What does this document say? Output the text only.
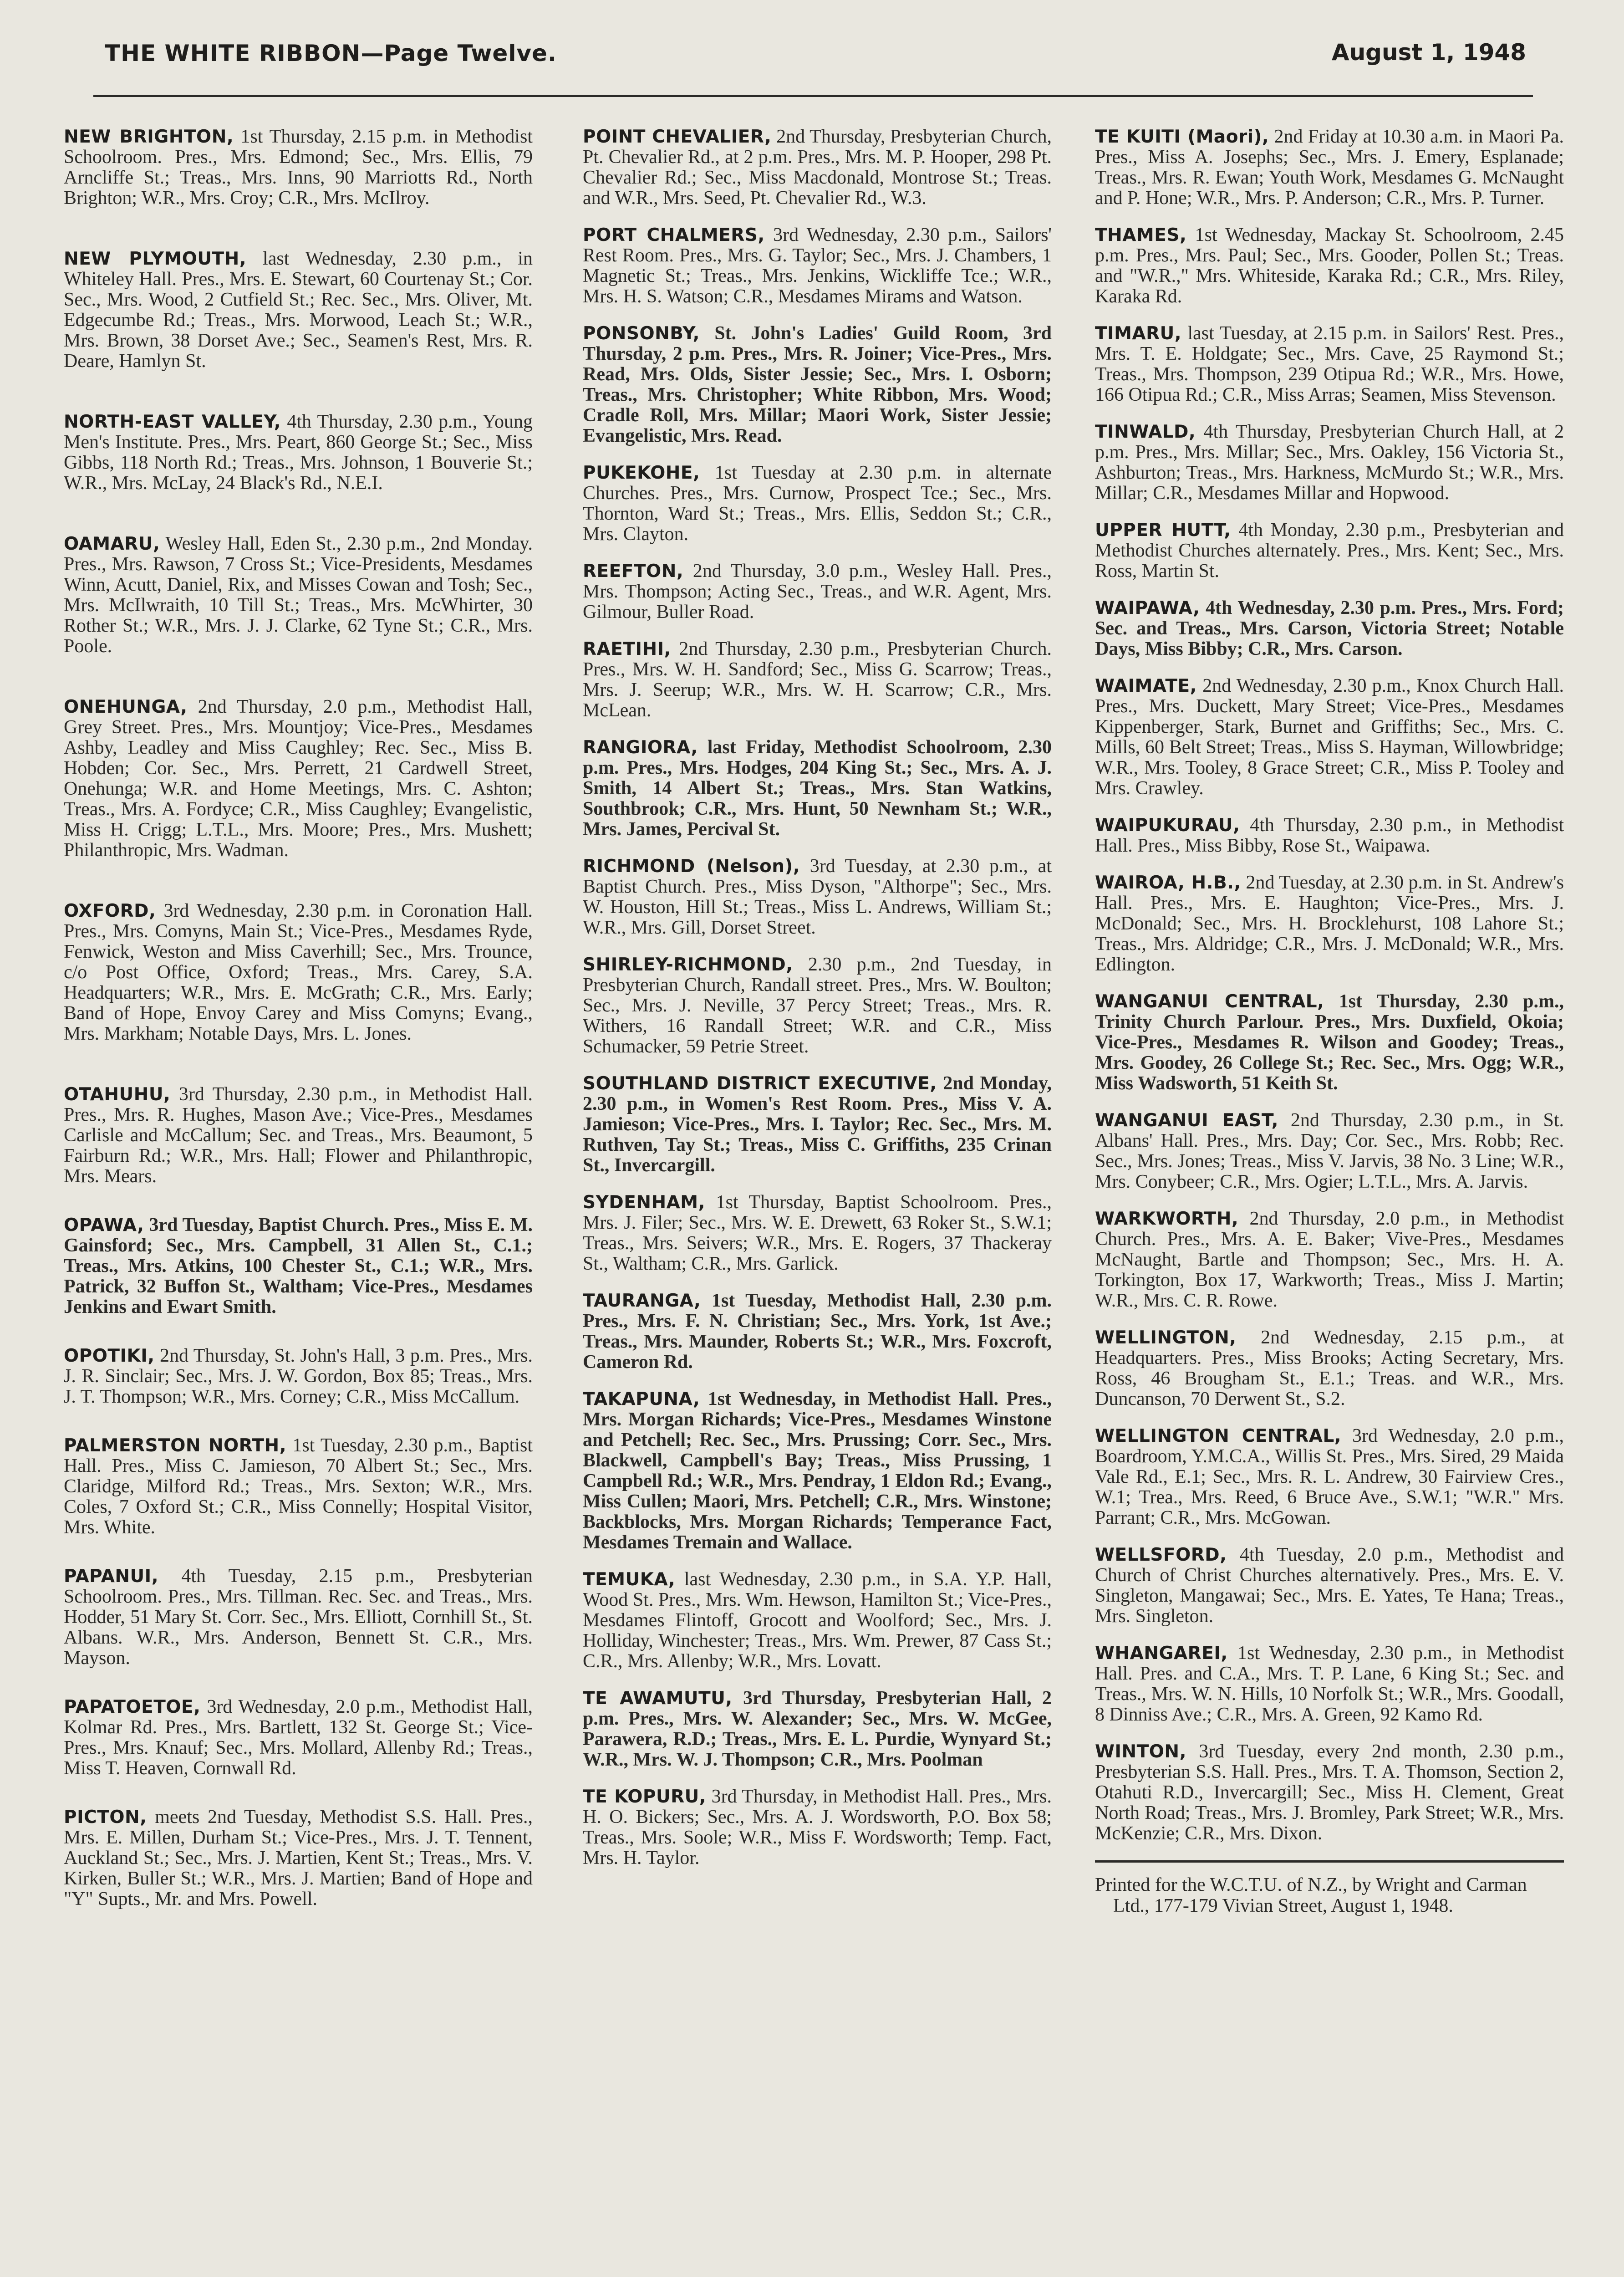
THE WHITE RIBBON—Page Twelve.	August 1, 1948

NEW BRIGHTON, 1st Thursday, 2.15 p.m. in Methodist Schoolroom. Pres., Mrs. Edmond; Sec., Mrs. Ellis, 79 Arncliffe St.; Treas., Mrs. Inns, 90 Marriotts Rd., North Brighton; W.R., Mrs. Croy; C.R., Mrs. McIlroy.

NEW PLYMOUTH, last Wednesday, 2.30 p.m., in Whiteley Hall. Pres., Mrs. E. Stewart, 60 Courtenay St.; Cor. Sec., Mrs. Wood, 2 Cutfield St.; Rec. Sec., Mrs. Oliver, Mt. Edgecumbe Rd.; Treas., Mrs. Morwood, Leach St.; W.R., Mrs. Brown, 38 Dorset Ave.; Sec., Seamen's Rest, Mrs. R. Deare, Hamlyn St.

NORTH-EAST VALLEY, 4th Thursday, 2.30 p.m., Young Men's Institute. Pres., Mrs. Peart, 860 George St.; Sec., Miss Gibbs, 118 North Rd.; Treas., Mrs. Johnson, 1 Bouverie St.; W.R., Mrs. McLay, 24 Black's Rd., N.E.I.

OAMARU, Wesley Hall, Eden St., 2.30 p.m., 2nd Monday. Pres., Mrs. Rawson, 7 Cross St.; Vice-Presidents, Mesdames Winn, Acutt, Daniel, Rix, and Misses Cowan and Tosh; Sec., Mrs. McIlwraith, 10 Till St.; Treas., Mrs. McWhirter, 30 Rother St.; W.R., Mrs. J. J. Clarke, 62 Tyne St.; C.R., Mrs. Poole.

ONEHUNGA, 2nd Thursday, 2.0 p.m., Methodist Hall, Grey Street. Pres., Mrs. Mountjoy; Vice-Pres., Mesdames Ashby, Leadley and Miss Caughley; Rec. Sec., Miss B. Hobden; Cor. Sec., Mrs. Perrett, 21 Cardwell Street, Onehunga; W.R. and Home Meetings, Mrs. C. Ashton; Treas., Mrs. A. Fordyce; C.R., Miss Caughley; Evangelistic, Miss H. Crigg; L.T.L., Mrs. Moore; Pres., Mrs. Mushett; Philanthropic, Mrs. Wadman.

OXFORD, 3rd Wednesday, 2.30 p.m. in Coronation Hall. Pres., Mrs. Comyns, Main St.; Vice-Pres., Mesdames Ryde, Fenwick, Weston and Miss Caverhill; Sec., Mrs. Trounce, c/o Post Office, Oxford; Treas., Mrs. Carey, S.A. Headquarters; W.R., Mrs. E. McGrath; C.R., Mrs. Early; Band of Hope, Envoy Carey and Miss Comyns; Evang., Mrs. Markham; Notable Days, Mrs. L. Jones.

OTAHUHU, 3rd Thursday, 2.30 p.m., in Methodist Hall. Pres., Mrs. R. Hughes, Mason Ave.; Vice-Pres., Mesdames Carlisle and McCallum; Sec. and Treas., Mrs. Beaumont, 5 Fairburn Rd.; W.R., Mrs. Hall; Flower and Philanthropic, Mrs. Mears.

OPAWA, 3rd Tuesday, Baptist Church. Pres., Miss E. M. Gainsford; Sec., Mrs. Campbell, 31 Allen St., C.1.; Treas., Mrs. Atkins, 100 Chester St., C.1.; W.R., Mrs. Patrick, 32 Buffon St., Waltham; Vice-Pres., Mesdames Jenkins and Ewart Smith.

OPOTIKI, 2nd Thursday, St. John's Hall, 3 p.m. Pres., Mrs. J. R. Sinclair; Sec., Mrs. J. W. Gordon, Box 85; Treas., Mrs. J. T. Thompson; W.R., Mrs. Corney; C.R., Miss McCallum.

PALMERSTON NORTH, 1st Tuesday, 2.30 p.m., Baptist Hall. Pres., Miss C. Jamieson, 70 Albert St.; Sec., Mrs. Claridge, Milford Rd.; Treas., Mrs. Sexton; W.R., Mrs. Coles, 7 Oxford St.; C.R., Miss Connelly; Hospital Visitor, Mrs. White.

PAPANUI, 4th Tuesday, 2.15 p.m., Presbyterian Schoolroom. Pres., Mrs. Tillman. Rec. Sec. and Treas., Mrs. Hodder, 51 Mary St. Corr. Sec., Mrs. Elliott, Cornhill St., St. Albans. W.R., Mrs. Anderson, Bennett St. C.R., Mrs. Mayson.

PAPATOETOE, 3rd Wednesday, 2.0 p.m., Methodist Hall, Kolmar Rd. Pres., Mrs. Bartlett, 132 St. George St.; Vice-Pres., Mrs. Knauf; Sec., Mrs. Mollard, Allenby Rd.; Treas., Miss T. Heaven, Cornwall Rd.

PICTON, meets 2nd Tuesday, Methodist S.S. Hall. Pres., Mrs. E. Millen, Durham St.; Vice-Pres., Mrs. J. T. Tennent, Auckland St.; Sec., Mrs. J. Martien, Kent St.; Treas., Mrs. V. Kirken, Buller St.; W.R., Mrs. J. Martien; Band of Hope and "Y" Supts., Mr. and Mrs. Powell.

POINT CHEVALIER, 2nd Thursday, Presbyterian Church, Pt. Chevalier Rd., at 2 p.m. Pres., Mrs. M. P. Hooper, 298 Pt. Chevalier Rd.; Sec., Miss Macdonald, Montrose St.; Treas. and W.R., Mrs. Seed, Pt. Chevalier Rd., W.3.

PORT CHALMERS, 3rd Wednesday, 2.30 p.m., Sailors' Rest Room. Pres., Mrs. G. Taylor; Sec., Mrs. J. Chambers, 1 Magnetic St.; Treas., Mrs. Jenkins, Wickliffe Tce.; W.R., Mrs. H. S. Watson; C.R., Mesdames Mirams and Watson.

PONSONBY, St. John's Ladies' Guild Room, 3rd Thursday, 2 p.m. Pres., Mrs. R. Joiner; Vice-Pres., Mrs. Read, Mrs. Olds, Sister Jessie; Sec., Mrs. I. Osborn; Treas., Mrs. Christopher; White Ribbon, Mrs. Wood; Cradle Roll, Mrs. Millar; Maori Work, Sister Jessie; Evangelistic, Mrs. Read.

PUKEKOHE, 1st Tuesday at 2.30 p.m. in alternate Churches. Pres., Mrs. Curnow, Prospect Tce.; Sec., Mrs. Thornton, Ward St.; Treas., Mrs. Ellis, Seddon St.; C.R., Mrs. Clayton.

REEFTON, 2nd Thursday, 3.0 p.m., Wesley Hall. Pres., Mrs. Thompson; Acting Sec., Treas., and W.R. Agent, Mrs. Gilmour, Buller Road.

RAETIHI, 2nd Thursday, 2.30 p.m., Presbyterian Church. Pres., Mrs. W. H. Sandford; Sec., Miss G. Scarrow; Treas., Mrs. J. Seerup; W.R., Mrs. W. H. Scarrow; C.R., Mrs. McLean.

RANGIORA, last Friday, Methodist Schoolroom, 2.30 p.m. Pres., Mrs. Hodges, 204 King St.; Sec., Mrs. A. J. Smith, 14 Albert St.; Treas., Mrs. Stan Watkins, Southbrook; C.R., Mrs. Hunt, 50 Newnham St.; W.R., Mrs. James, Percival St.

RICHMOND (Nelson), 3rd Tuesday, at 2.30 p.m., at Baptist Church. Pres., Miss Dyson, "Althorpe"; Sec., Mrs. W. Houston, Hill St.; Treas., Miss L. Andrews, William St.; W.R., Mrs. Gill, Dorset Street.

SHIRLEY-RICHMOND, 2.30 p.m., 2nd Tuesday, in Presbyterian Church, Randall street. Pres., Mrs. W. Boulton; Sec., Mrs. J. Neville, 37 Percy Street; Treas., Mrs. R. Withers, 16 Randall Street; W.R. and C.R., Miss Schumacker, 59 Petrie Street.

SOUTHLAND DISTRICT EXECUTIVE, 2nd Monday, 2.30 p.m., in Women's Rest Room. Pres., Miss V. A. Jamieson; Vice-Pres., Mrs. I. Taylor; Rec. Sec., Mrs. M. Ruthven, Tay St.; Treas., Miss C. Griffiths, 235 Crinan St., Invercargill.

SYDENHAM, 1st Thursday, Baptist Schoolroom. Pres., Mrs. J. Filer; Sec., Mrs. W. E. Drewett, 63 Roker St., S.W.1; Treas., Mrs. Seivers; W.R., Mrs. E. Rogers, 37 Thackeray St., Waltham; C.R., Mrs. Garlick.

TAURANGA, 1st Tuesday, Methodist Hall, 2.30 p.m. Pres., Mrs. F. N. Christian; Sec., Mrs. York, 1st Ave.; Treas., Mrs. Maunder, Roberts St.; W.R., Mrs. Foxcroft, Cameron Rd.

TAKAPUNA, 1st Wednesday, in Methodist Hall. Pres., Mrs. Morgan Richards; Vice-Pres., Mesdames Winstone and Petchell; Rec. Sec., Mrs. Prussing; Corr. Sec., Mrs. Blackwell, Campbell's Bay; Treas., Miss Prussing, 1 Campbell Rd.; W.R., Mrs. Pendray, 1 Eldon Rd.; Evang., Miss Cullen; Maori, Mrs. Petchell; C.R., Mrs. Winstone; Backblocks, Mrs. Morgan Richards; Temperance Fact, Mesdames Tremain and Wallace.

TEMUKA, last Wednesday, 2.30 p.m., in S.A. Y.P. Hall, Wood St. Pres., Mrs. Wm. Hewson, Hamilton St.; Vice-Pres., Mesdames Flintoff, Grocott and Woolford; Sec., Mrs. J. Holliday, Winchester; Treas., Mrs. Wm. Prewer, 87 Cass St.; C.R., Mrs. Allenby; W.R., Mrs. Lovatt.

TE AWAMUTU, 3rd Thursday, Presbyterian Hall, 2 p.m. Pres., Mrs. W. Alexander; Sec., Mrs. W. McGee, Parawera, R.D.; Treas., Mrs. E. L. Purdie, Wynyard St.; W.R., Mrs. W. J. Thompson; C.R., Mrs. Poolman

TE KOPURU, 3rd Thursday, in Methodist Hall. Pres., Mrs. H. O. Bickers; Sec., Mrs. A. J. Wordsworth, P.O. Box 58; Treas., Mrs. Soole; W.R., Miss F. Wordsworth; Temp. Fact, Mrs. H. Taylor.

TE KUITI (Maori), 2nd Friday at 10.30 a.m. in Maori Pa. Pres., Miss A. Josephs; Sec., Mrs. J. Emery, Esplanade; Treas., Mrs. R. Ewan; Youth Work, Mesdames G. McNaught and P. Hone; W.R., Mrs. P. Anderson; C.R., Mrs. P. Turner.

THAMES, 1st Wednesday, Mackay St. Schoolroom, 2.45 p.m. Pres., Mrs. Paul; Sec., Mrs. Gooder, Pollen St.; Treas. and "W.R.," Mrs. Whiteside, Karaka Rd.; C.R., Mrs. Riley, Karaka Rd.

TIMARU, last Tuesday, at 2.15 p.m. in Sailors' Rest. Pres., Mrs. T. E. Holdgate; Sec., Mrs. Cave, 25 Raymond St.; Treas., Mrs. Thompson, 239 Otipua Rd.; W.R., Mrs. Howe, 166 Otipua Rd.; C.R., Miss Arras; Seamen, Miss Stevenson.

TINWALD, 4th Thursday, Presbyterian Church Hall, at 2 p.m. Pres., Mrs. Millar; Sec., Mrs. Oakley, 156 Victoria St., Ashburton; Treas., Mrs. Harkness, McMurdo St.; W.R., Mrs. Millar; C.R., Mesdames Millar and Hopwood.

UPPER HUTT, 4th Monday, 2.30 p.m., Presbyterian and Methodist Churches alternately. Pres., Mrs. Kent; Sec., Mrs. Ross, Martin St.

WAIPAWA, 4th Wednesday, 2.30 p.m. Pres., Mrs. Ford; Sec. and Treas., Mrs. Carson, Victoria Street; Notable Days, Miss Bibby; C.R., Mrs. Carson.

WAIMATE, 2nd Wednesday, 2.30 p.m., Knox Church Hall. Pres., Mrs. Duckett, Mary Street; Vice-Pres., Mesdames Kippenberger, Stark, Burnet and Griffiths; Sec., Mrs. C. Mills, 60 Belt Street; Treas., Miss S. Hayman, Willowbridge; W.R., Mrs. Tooley, 8 Grace Street; C.R., Miss P. Tooley and Mrs. Crawley.

WAIPUKURAU, 4th Thursday, 2.30 p.m., in Methodist Hall. Pres., Miss Bibby, Rose St., Waipawa.

WAIROA, H.B., 2nd Tuesday, at 2.30 p.m. in St. Andrew's Hall. Pres., Mrs. E. Haughton; Vice-Pres., Mrs. J. McDonald; Sec., Mrs. H. Brocklehurst, 108 Lahore St.; Treas., Mrs. Aldridge; C.R., Mrs. J. McDonald; W.R., Mrs. Edlington.

WANGANUI CENTRAL, 1st Thursday, 2.30 p.m., Trinity Church Parlour. Pres., Mrs. Duxfield, Okoia; Vice-Pres., Mesdames R. Wilson and Goodey; Treas., Mrs. Goodey, 26 College St.; Rec. Sec., Mrs. Ogg; W.R., Miss Wadsworth, 51 Keith St.

WANGANUI EAST, 2nd Thursday, 2.30 p.m., in St. Albans' Hall. Pres., Mrs. Day; Cor. Sec., Mrs. Robb; Rec. Sec., Mrs. Jones; Treas., Miss V. Jarvis, 38 No. 3 Line; W.R., Mrs. Conybeer; C.R., Mrs. Ogier; L.T.L., Mrs. A. Jarvis.

WARKWORTH, 2nd Thursday, 2.0 p.m., in Methodist Church. Pres., Mrs. A. E. Baker; Vive-Pres., Mesdames McNaught, Bartle and Thompson; Sec., Mrs. H. A. Torkington, Box 17, Warkworth; Treas., Miss J. Martin; W.R., Mrs. C. R. Rowe.

WELLINGTON, 2nd Wednesday, 2.15 p.m., at Headquarters. Pres., Miss Brooks; Acting Secretary, Mrs. Ross, 46 Brougham St., E.1.; Treas. and W.R., Mrs. Duncanson, 70 Derwent St., S.2.

WELLINGTON CENTRAL, 3rd Wednesday, 2.0 p.m., Boardroom, Y.M.C.A., Willis St. Pres., Mrs. Sired, 29 Maida Vale Rd., E.1; Sec., Mrs. R. L. Andrew, 30 Fairview Cres., W.1; Trea., Mrs. Reed, 6 Bruce Ave., S.W.1; "W.R." Mrs. Parrant; C.R., Mrs. McGowan.

WELLSFORD, 4th Tuesday, 2.0 p.m., Methodist and Church of Christ Churches alternatively. Pres., Mrs. E. V. Singleton, Mangawai; Sec., Mrs. E. Yates, Te Hana; Treas., Mrs. Singleton.

WHANGAREI, 1st Wednesday, 2.30 p.m., in Methodist Hall. Pres. and C.A., Mrs. T. P. Lane, 6 King St.; Sec. and Treas., Mrs. W. N. Hills, 10 Norfolk St.; W.R., Mrs. Goodall, 8 Dinniss Ave.; C.R., Mrs. A. Green, 92 Kamo Rd.

WINTON, 3rd Tuesday, every 2nd month, 2.30 p.m., Presbyterian S.S. Hall. Pres., Mrs. T. A. Thomson, Section 2, Otahuti R.D., Invercargill; Sec., Miss H. Clement, Great North Road; Treas., Mrs. J. Bromley, Park Street; W.R., Mrs. McKenzie; C.R., Mrs. Dixon.

Printed for the W.C.T.U. of N.Z., by Wright and Carman Ltd., 177-179 Vivian Street, August 1, 1948.
